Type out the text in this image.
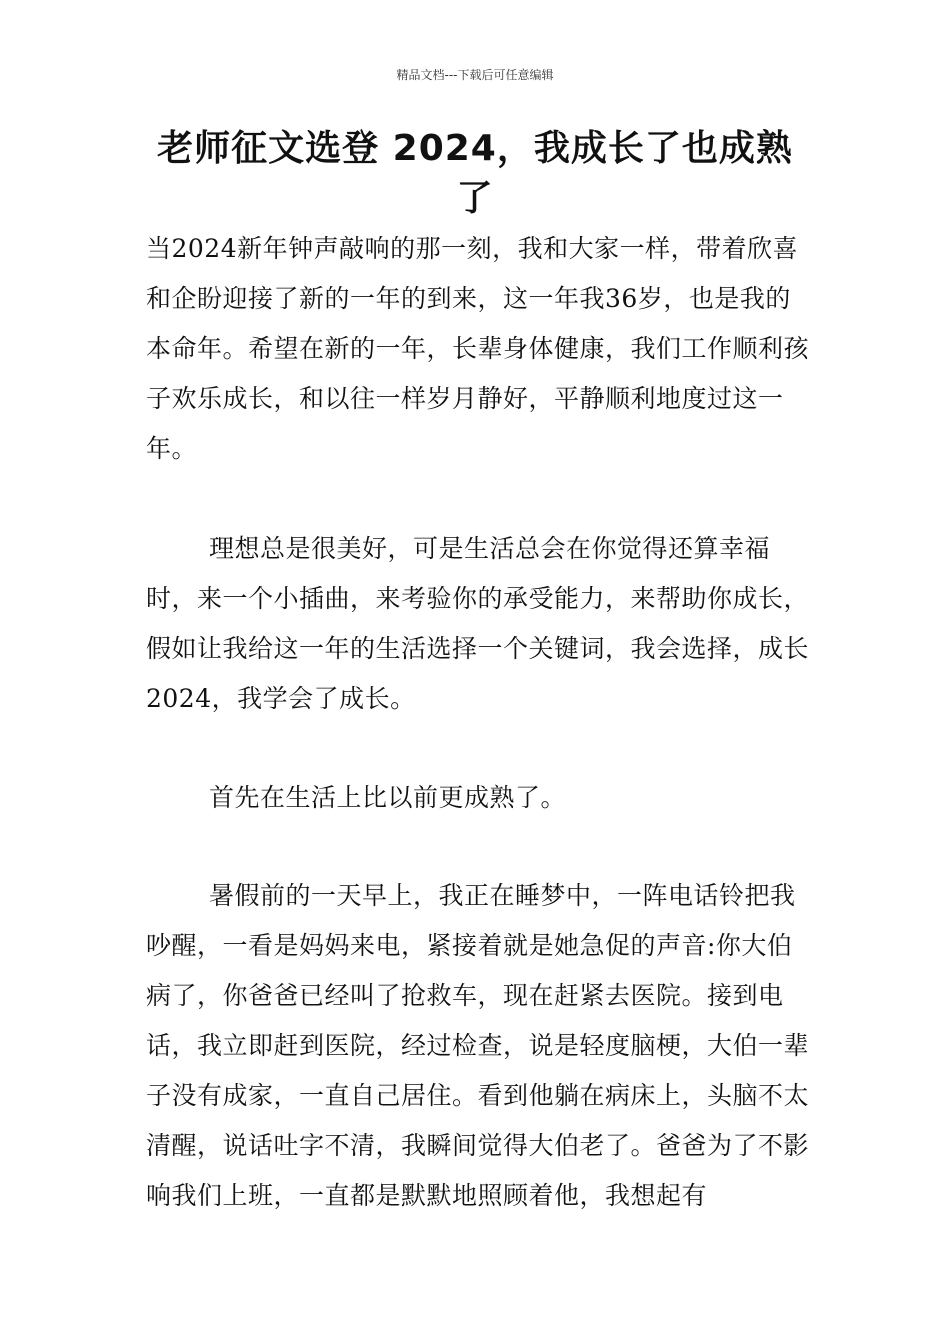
精品文档---下载后可任意编辑
老师征文选登 2024，我成长了也成熟了

当2024新年钟声敲响的那一刻，我和大家一样，带着欣喜和企盼迎接了新的一年的到来，这一年我36岁，也是我的本命年。希望在新的一年，长辈身体健康，我们工作顺利孩子欢乐成长，和以往一样岁月静好，平静顺利地度过这一年。

理想总是很美好，可是生活总会在你觉得还算幸福时，来一个小插曲，来考验你的承受能力，来帮助你成长，假如让我给这一年的生活选择一个关键词，我会选择，成长2024，我学会了成长。

首先在生活上比以前更成熟了。

暑假前的一天早上，我正在睡梦中，一阵电话铃把我吵醒，一看是妈妈来电，紧接着就是她急促的声音:你大伯病了，你爸爸已经叫了抢救车，现在赶紧去医院。接到电话，我立即赶到医院，经过检查，说是轻度脑梗，大伯一辈子没有成家，一直自己居住。看到他躺在病床上，头脑不太清醒，说话吐字不清，我瞬间觉得大伯老了。爸爸为了不影响我们上班，一直都是默默地照顾着他，我想起有
